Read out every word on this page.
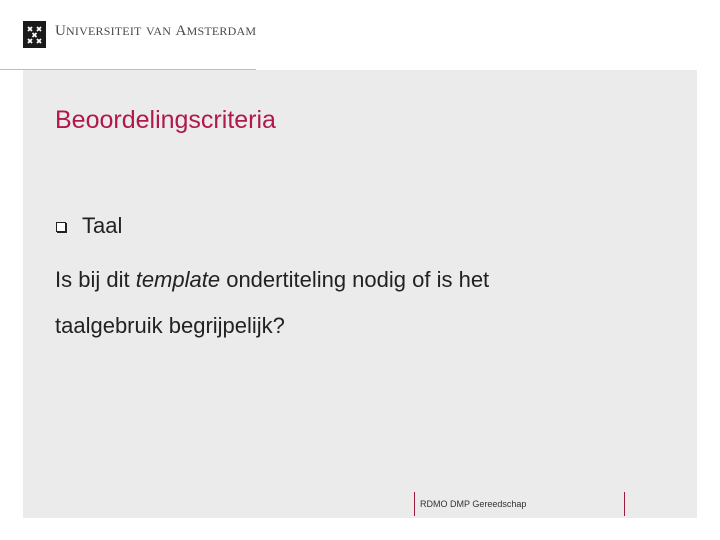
Universiteit van Amsterdam
Beoordelingscriteria
Taal
Is bij dit template ondertiteling nodig of is het
taalgebruik begrijpelijk?
RDMO DMP Gereedschap
